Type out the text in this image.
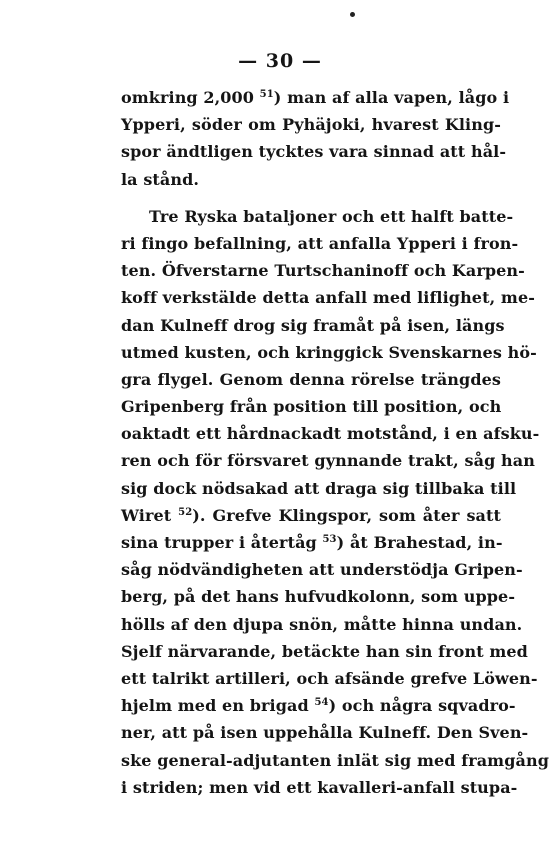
— 30 —
omkring 2,000 $^{51}$) man af alla vapen, lågo i
Ypperi, söder om Pyhäjoki, hvarest Kling-
spor ändtligen tycktes vara sinnad att hål-
la stånd.
Tre Ryska bataljoner och ett halft batte-
ri fingo befallning, att anfalla Ypperi i fron-
ten. Öfverstarne Turtschaninoff och Karpen-
koff verkstälde detta anfall med liflighet, me-
dan Kulneff drog sig framåt på isen, längs
utmed kusten, och kringgick Svenskarnes hö-
gra flygel. Genom denna rörelse trängdes
Gripenberg från position till position, och
oaktadt ett hårdnackadt motstånd, i en afsku-
ren och för försvaret gynnande trakt, såg han
sig dock nödsakad att draga sig tillbaka till
Wiret $^{52}$). Grefve Klingspor, som åter satt
sina trupper i återtåg $^{53}$) åt Brahestad, in-
såg nödvändigheten att understödja Gripen-
berg, på det hans hufvudkolonn, som uppe-
hölls af den djupa snön, måtte hinna undan.
Sjelf närvarande, betäckte han sin front med
ett talrikt artilleri, och afsände grefve Löwen-
hjelm med en brigad $^{54}$) och några sqvadro-
ner, att på isen uppehålla Kulneff. Den Sven-
ske general-adjutanten inlät sig med framgång
i striden; men vid ett kavalleri-anfall stupa-
